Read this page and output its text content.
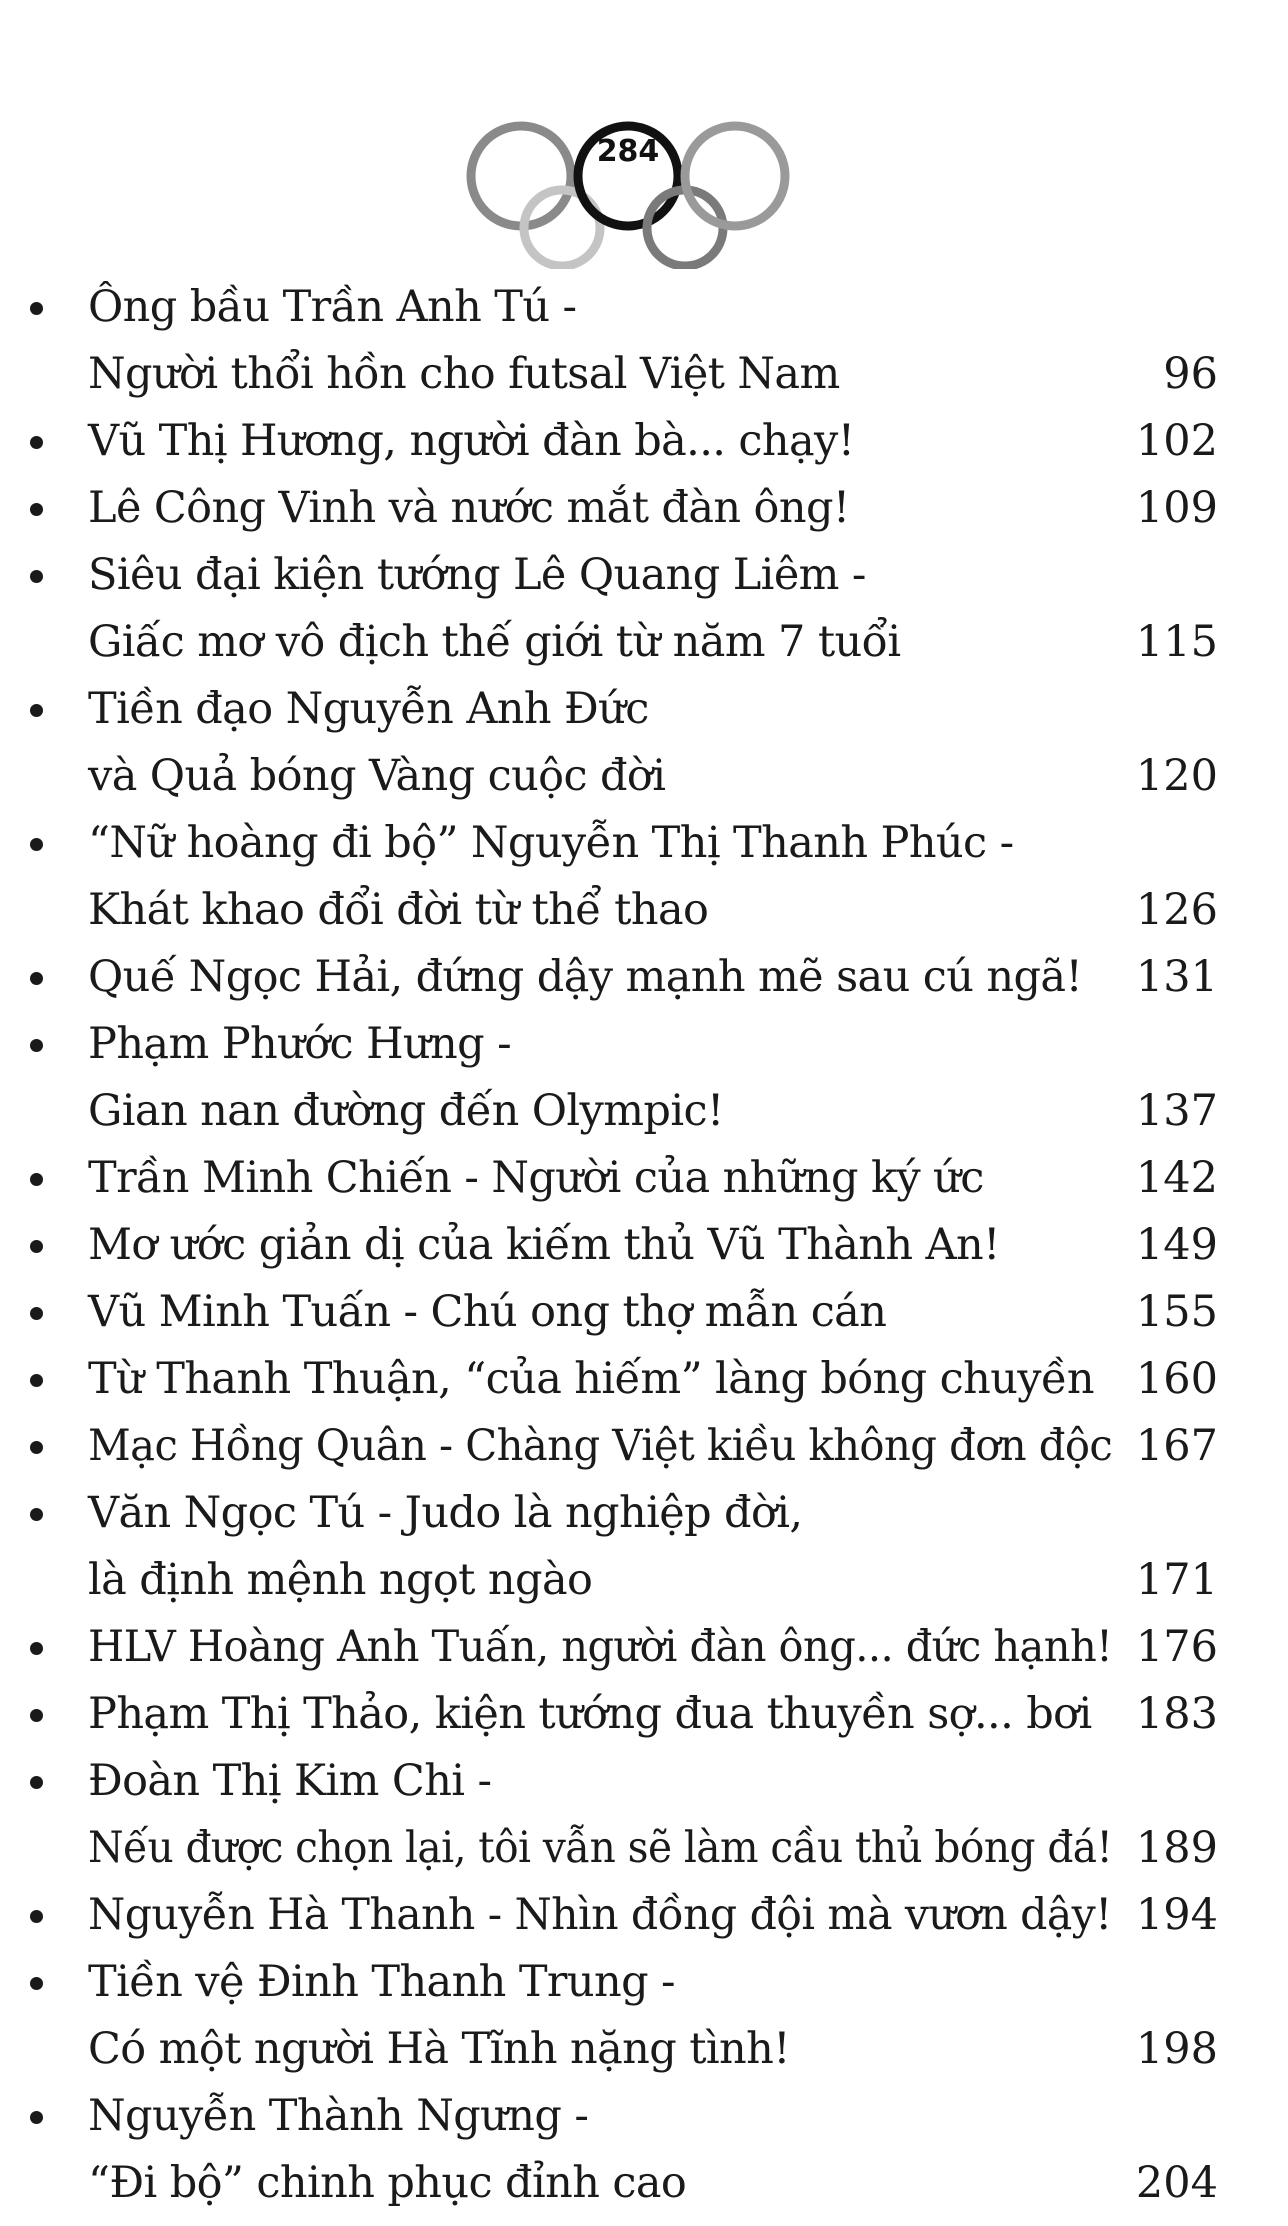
284
Ông bầu Trần Anh Tú -
Người thổi hồn cho futsal Việt Nam	96
Vũ Thị Hương, người đàn bà... chạy!	102
Lê Công Vinh và nước mắt đàn ông!	109
Siêu đại kiện tướng Lê Quang Liêm -
Giấc mơ vô địch thế giới từ năm 7 tuổi	115
Tiền đạo Nguyễn Anh Đức
và Quả bóng Vàng cuộc đời	120
“Nữ hoàng đi bộ” Nguyễn Thị Thanh Phúc -
Khát khao đổi đời từ thể thao	126
Quế Ngọc Hải, đứng dậy mạnh mẽ sau cú ngã! 131
Phạm Phước Hưng -
Gian nan đường đến Olympic!	137
Trần Minh Chiến - Người của những ký ức	142
Mơ ước giản dị của kiếm thủ Vũ Thành An!	149
Vũ Minh Tuấn - Chú ong thợ mẫn cán	155
Từ Thanh Thuận, “của hiếm” làng bóng chuyền 160
Mạc Hồng Quân - Chàng Việt kiều không đơn độc 167
Văn Ngọc Tú - Judo là nghiệp đời,
là định mệnh ngọt ngào	171
HLV Hoàng Anh Tuấn, người đàn ông... đức hạnh! 176
Phạm Thị Thảo, kiện tướng đua thuyền sợ... bơi 183
Đoàn Thị Kim Chi -
Nếu được chọn lại, tôi vẫn sẽ làm cầu thủ bóng đá! 189
Nguyễn Hà Thanh - Nhìn đồng đội mà vươn dậy! 194
Tiền vệ Đinh Thanh Trung -
Có một người Hà Tĩnh nặng tình!	198
Nguyễn Thành Ngưng -
“Đi bộ” chinh phục đỉnh cao	204
